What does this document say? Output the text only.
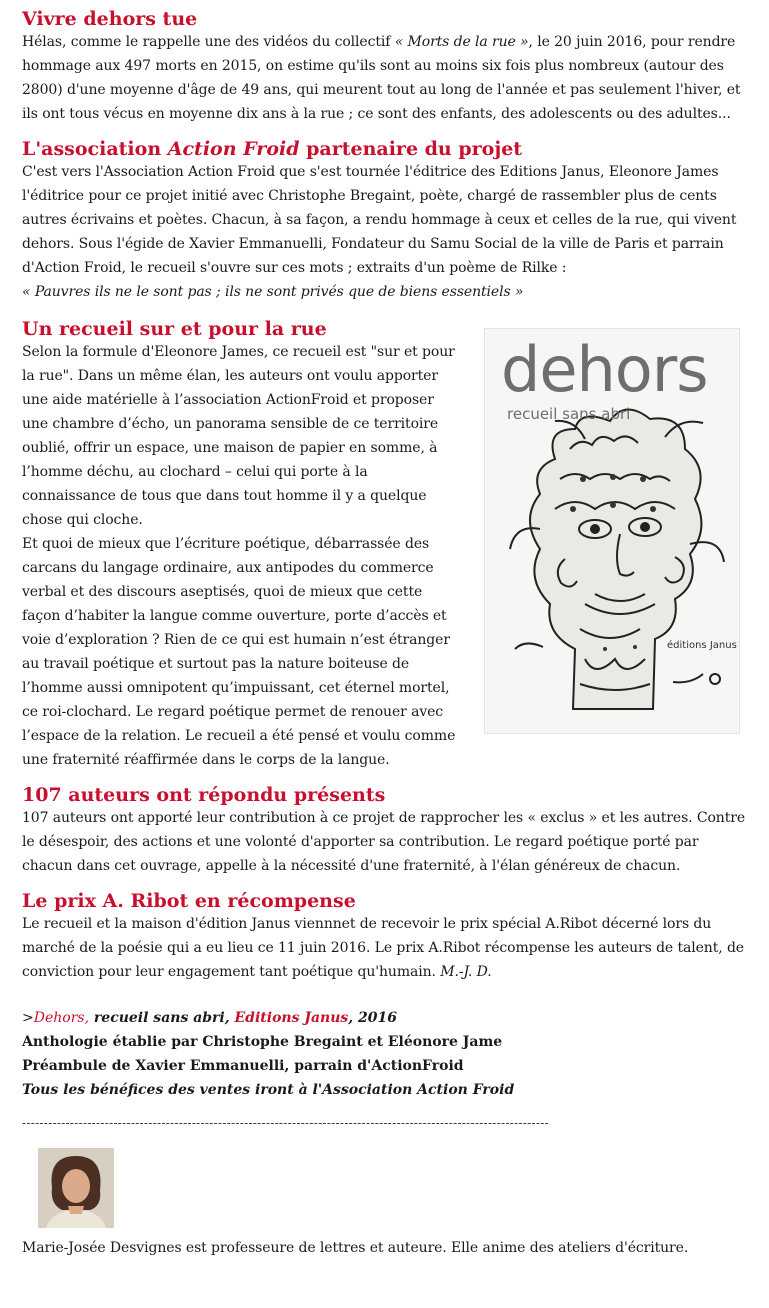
Vivre dehors tue

Hélas, comme le rappelle une des vidéos du collectif « Morts de la rue », le 20 juin 2016, pour rendre hommage aux 497 morts en 2015, on estime qu'ils sont au moins six fois plus nombreux (autour des 2800) d'une moyenne d'âge de 49 ans, qui meurent tout au long de l'année et pas seulement l'hiver, et ils ont tous vécus en moyenne dix ans à la rue ; ce sont des enfants, des adolescents ou des adultes...

L'association Action Froid partenaire du projet

C'est vers l'Association Action Froid que s'est tournée l'éditrice des Editions Janus, Eleonore James l'éditrice pour ce projet initié avec Christophe Bregaint, poète, chargé de rassembler plus de cents autres écrivains et poètes. Chacun, à sa façon, a rendu hommage à ceux et celles de la rue, qui vivent dehors. Sous l'égide de Xavier Emmanuelli, Fondateur du Samu Social de la ville de Paris et parrain d'Action Froid, le recueil s'ouvre sur ces mots ; extraits d'un poème de Rilke :
« Pauvres ils ne le sont pas ; ils ne sont privés que de biens essentiels »

Un recueil sur et pour la rue

Selon la formule d'Eleonore James, ce recueil est "sur et pour la rue". Dans un même élan, les auteurs ont voulu apporter une aide matérielle à l’association ActionFroid et proposer une chambre d’écho, un panorama sensible de ce territoire oublié, offrir un espace, une maison de papier en somme, à l’homme déchu, au clochard – celui qui porte à la connaissance de tous que dans tout homme il y a quelque chose qui cloche.
Et quoi de mieux que l’écriture poétique, débarrassée des carcans du langage ordinaire, aux antipodes du commerce verbal et des discours aseptisés, quoi de mieux que cette façon d’habiter la langue comme ouverture, porte d’accès et voie d’exploration ? Rien de ce qui est humain n’est étranger au travail poétique et surtout pas la nature boiteuse de l’homme aussi omnipotent qu’impuissant, cet éternel mortel, ce roi-clochard. Le regard poétique permet de renouer avec l’espace de la relation. Le recueil a été pensé et voulu comme une fraternité réaffirmée dans le corps de la langue.

dehors
recueil sans abri
éditions Janus
107 auteurs ont répondu présents

107 auteurs ont apporté leur contribution à ce projet de rapprocher les « exclus » et les autres. Contre le désespoir, des actions et une volonté d'apporter sa contribution. Le regard poétique porté par chacun dans cet ouvrage, appelle à la nécessité d'une fraternité, à l'élan généreux de chacun.

Le prix A. Ribot en récompense

Le recueil et la maison d'édition Janus viennnet de recevoir le prix spécial A.Ribot décerné lors du marché de la poésie qui a eu lieu ce 11 juin 2016. Le prix A.Ribot récompense les auteurs de talent, de conviction pour leur engagement tant poétique qu'humain. M.-J. D.

>Dehors, recueil sans abri, Editions Janus, 2016
Anthologie établie par Christophe Bregaint et Eléonore Jame
Préambule de Xavier Emmanuelli, parrain d'ActionFroid
Tous les bénéfices des ventes iront à l'Association Action Froid
-------------------------------------------------------------------------------------------------------------------------

Marie-Josée Desvignes est professeure de lettres et auteure. Elle anime des ateliers d'écriture.
